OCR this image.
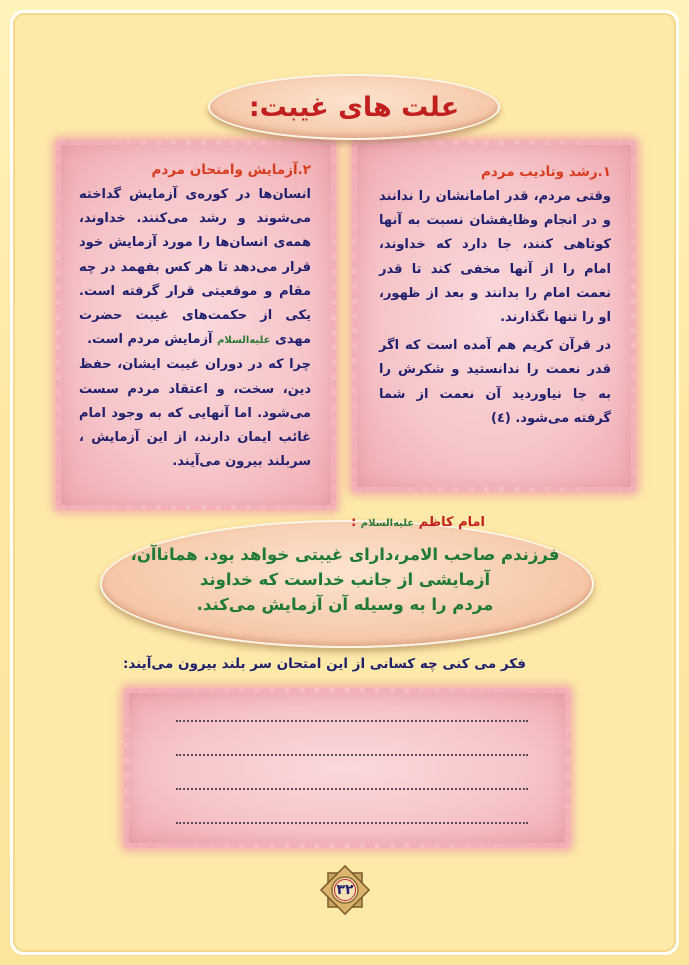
۱.رشد وتادیب مردم

وقتی مردم، قدر امامانشان را ندانند و در انجام وظایفشان نسبت به آنها کوتاهی کنند، جا دارد که خداوند، امام را از آنها مخفی کند تا قدر نعمت امام را بدانند و بعد از ظهور، او را تنها نگذارند.

در قرآن کریم هم آمده است که اگر قدر نعمت را ندانستید و شکرش را به جا نیاوردید آن نعمت از شما گرفته می‌شود. (٤)

۲.آزمایش وامتحان مردم

انسان‌ها در کوره‌ی آزمایش گداخته می‌شوند و رشد می‌کنند. خداوند، همه‌ی انسان‌ها را مورد آزمایش خود قرار می‌دهد تا هر کس بفهمد در چه مقام و موقعیتی قرار گرفته است. یکی از حکمت‌های غیبت حضرت مهدی علیه‌السلام آزمایش مردم است.

چرا که در دوران غیبت ایشان، حفظ دین، سخت، و اعتقاد مردم سست می‌شود. اما آنهایی که به وجود امام غائب ایمان دارند، از این آزمایش ، سربلند بیرون می‌آیند.

علت های غیبت:
امام کاظم علیه‌السلام :
فرزندم صاحب الامر،دارای غیبتی خواهد بود. همانا‌آن،
آزمایشی از جانب خداست که خداوند
مردم را به وسیله آن آزمایش می‌کند.
فکر می کنی چه کسانی از این امتحان سر بلند بیرون می‌آیند:
۳۲
